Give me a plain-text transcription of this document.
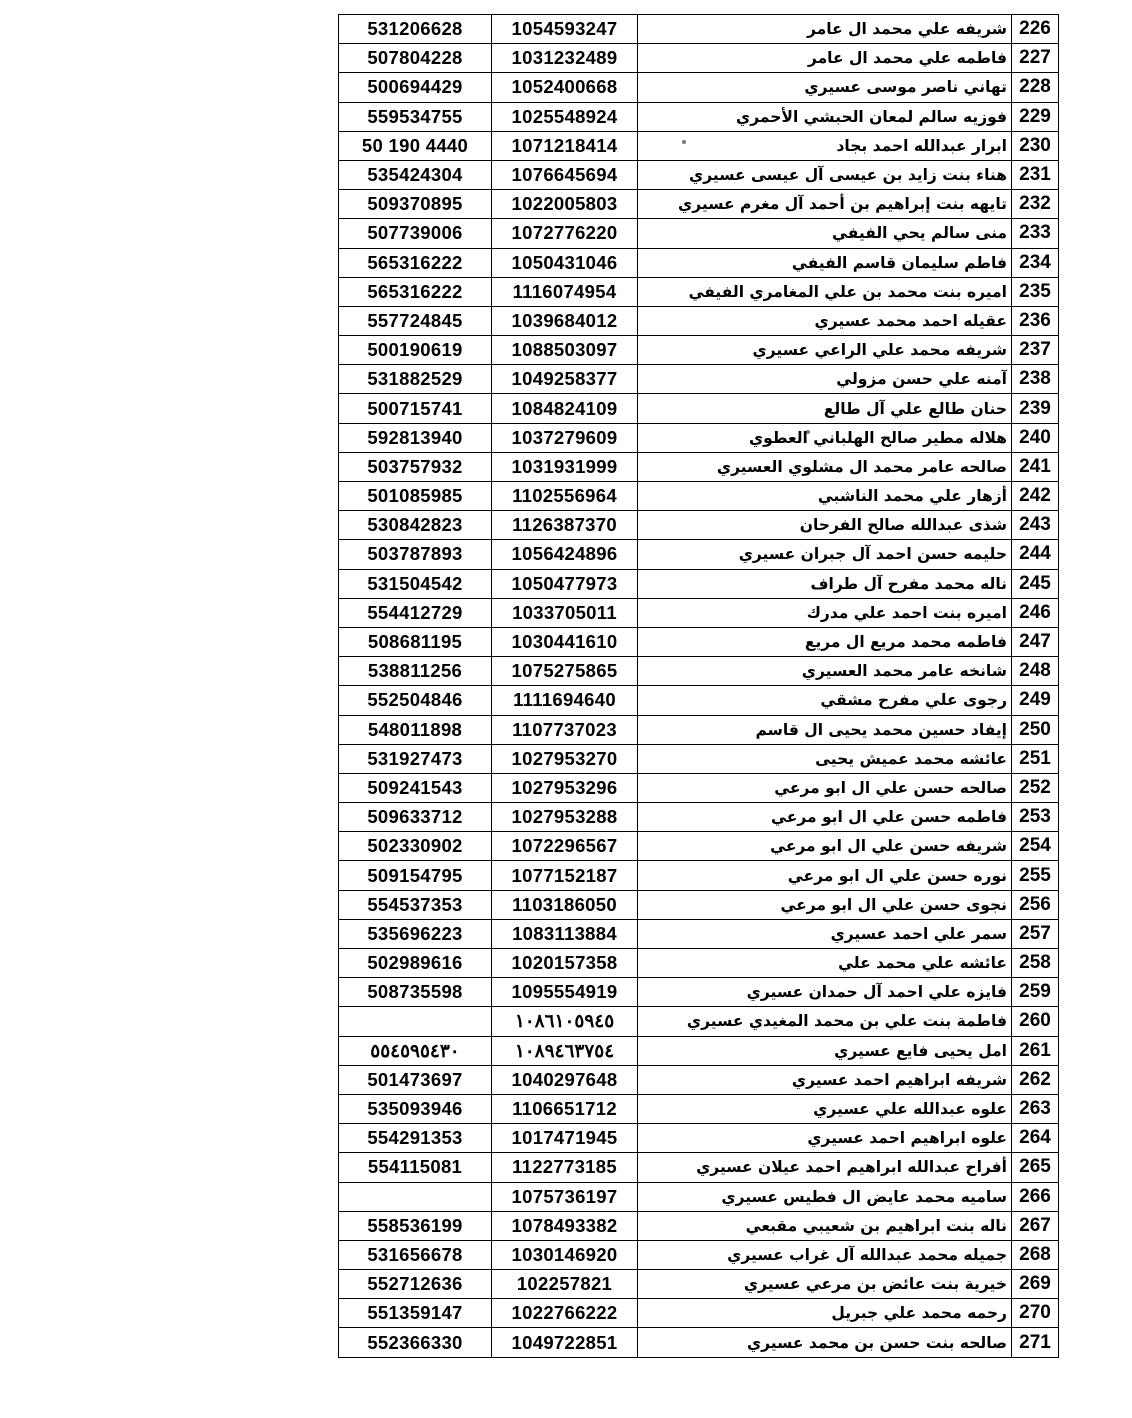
531206628	1054593247	شريفه علي محمد ال عامر	226
507804228	1031232489	فاطمه علي محمد ال عامر	227
500694429	1052400668	تهاني ناصر موسى عسيري	228
559534755	1025548924	فوزيه سالم لمعان الحبشي الأحمري	229
50 190 4440	1071218414	ابرار عبدالله احمد بجاد	230
535424304	1076645694	هناء بنت زايد بن عيسى آل عيسى عسيري	231
509370895	1022005803	تايهه بنت إبراهيم بن أحمد آل مغرم عسيري	232
507739006	1072776220	منى سالم يحي الفيفي	233
565316222	1050431046	فاطم سليمان قاسم الفيفي	234
565316222	1116074954	اميره بنت محمد بن علي المغامري الفيفي	235
557724845	1039684012	عقيله احمد محمد عسيري	236
500190619	1088503097	شريفه محمد علي الراعي عسيري	237
531882529	1049258377	آمنه علي حسن مزولي	238
500715741	1084824109	حنان طالع علي آل طالع	239
592813940	1037279609	هلاله مطير صالح الهلباني العطوي	240
503757932	1031931999	صالحه عامر محمد ال مشلوي العسيري	241
501085985	1102556964	أزهار علي محمد الناشبي	242
530842823	1126387370	شذى عبدالله صالح الفرحان	243
503787893	1056424896	حليمه حسن احمد آل جبران عسيري	244
531504542	1050477973	ناله محمد مفرح آل طراف	245
554412729	1033705011	اميره بنت احمد علي مدرك	246
508681195	1030441610	فاطمه محمد مريع ال مريع	247
538811256	1075275865	شانخه عامر محمد العسيري	248
552504846	1111694640	رجوى علي مفرح مشقي	249
548011898	1107737023	إيفاد حسين محمد يحيى ال قاسم	250
531927473	1027953270	عائشه محمد عميش يحيى	251
509241543	1027953296	صالحه حسن علي ال ابو مرعي	252
509633712	1027953288	فاطمه حسن علي ال ابو مرعي	253
502330902	1072296567	شريفه حسن علي ال ابو مرعي	254
509154795	1077152187	نوره حسن علي ال ابو مرعي	255
554537353	1103186050	نجوى حسن علي ال ابو مرعي	256
535696223	1083113884	سمر علي احمد عسيري	257
502989616	1020157358	عائشه علي محمد علي	258
508735598	1095554919	فايزه علي احمد آل حمدان عسيري	259
	١٠٨٦١٠٥٩٤٥	فاطمة بنت علي بن محمد المغيدي عسيري	260
٥٥٤٥٩٥٤٣٠	١٠٨٩٤٦٣٧٥٤	امل يحيى فايع عسيري	261
501473697	1040297648	شريفه ابراهيم احمد عسيري	262
535093946	1106651712	علوه عبدالله علي عسيري	263
554291353	1017471945	علوه ابراهيم احمد عسيري	264
554115081	1122773185	أفراح عبدالله ابراهيم احمد عيلان عسيري	265
	1075736197	ساميه محمد عايض ال فطيس عسيري	266
558536199	1078493382	ناله بنت ابراهيم بن شعيبي مقبعي	267
531656678	1030146920	جميله محمد عبدالله آل غراب عسيري	268
552712636	102257821	خيرية بنت عائض بن مرعي عسيري	269
551359147	1022766222	رحمه محمد علي جبريل	270
552366330	1049722851	صالحه بنت حسن بن محمد عسيري	271
